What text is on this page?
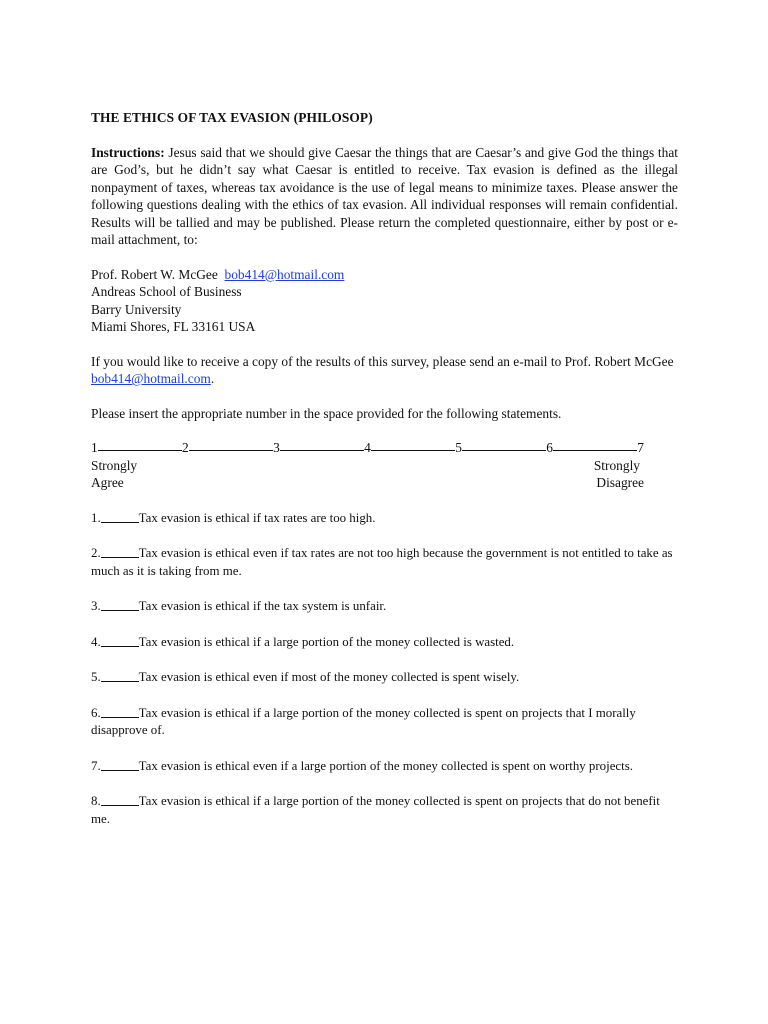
THE ETHICS OF TAX EVASION (PHILOSOP)
Instructions: Jesus said that we should give Caesar the things that are Caesar’s and give God the things that are God’s, but he didn’t say what Caesar is entitled to receive. Tax evasion is defined as the illegal nonpayment of taxes, whereas tax avoidance is the use of legal means to minimize taxes. Please answer the following questions dealing with the ethics of tax evasion. All individual responses will remain confidential. Results will be tallied and may be published. Please return the completed questionnaire, either by post or e-mail attachment, to:
Prof. Robert W. McGee bob414@hotmail.com
Andreas School of Business
Barry University
Miami Shores, FL 33161 USA
If you would like to receive a copy of the results of this survey, please send an e-mail to Prof. Robert McGee bob414@hotmail.com.
Please insert the appropriate number in the space provided for the following statements.
1	2	3	4	5	6	7
Strongly
Agree
Strongly
Disagree
1.	Tax evasion is ethical if tax rates are too high.
2.	Tax evasion is ethical even if tax rates are not too high because the government is not entitled to take as much as it is taking from me.
3.	Tax evasion is ethical if the tax system is unfair.
4.	Tax evasion is ethical if a large portion of the money collected is wasted.
5.	Tax evasion is ethical even if most of the money collected is spent wisely.
6.	Tax evasion is ethical if a large portion of the money collected is spent on projects that I morally disapprove of.
7.	Tax evasion is ethical even if a large portion of the money collected is spent on worthy projects.
8.	Tax evasion is ethical if a large portion of the money collected is spent on projects that do not benefit me.
